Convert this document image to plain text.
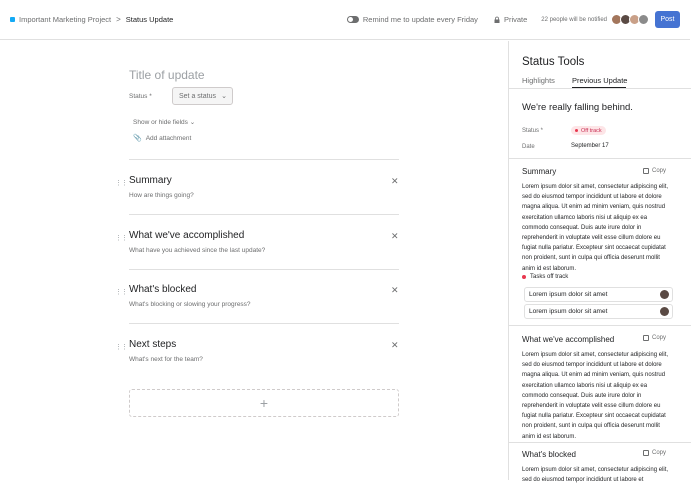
Important Marketing Project > Status Update	Remind me to update every Friday	Private 22 people will be notified	Post
Title of update
Status *	Set a status ⌄
Show or hide fields ⌄
📎 Add attachment
⋮⋮ Summary
How are things going?
✕
⋮⋮ What we've accomplished
What have you achieved since the last update?
✕
⋮⋮ What's blocked
What's blocking or slowing your progress?
✕
⋮⋮ Next steps
What's next for the team?
✕
+
Status Tools
Highlights Previous Update
We're really falling behind.
Status *	Off track
Date	September 17
Summary	Copy
Lorem ipsum dolor sit amet, consectetur adipiscing elit, sed do eiusmod tempor incididunt ut labore et dolore magna aliqua. Ut enim ad minim veniam, quis nostrud exercitation ullamco laboris nisi ut aliquip ex ea commodo consequat. Duis aute irure dolor in reprehenderit in voluptate velit esse cillum dolore eu fugiat nulla pariatur. Excepteur sint occaecat cupidatat non proident, sunt in culpa qui officia deserunt mollit anim id est laborum.
Tasks off track
Lorem ipsum dolor sit amet
Lorem ipsum dolor sit amet
What we've accomplished	Copy
Lorem ipsum dolor sit amet, consectetur adipiscing elit, sed do eiusmod tempor incididunt ut labore et dolore magna aliqua. Ut enim ad minim veniam, quis nostrud exercitation ullamco laboris nisi ut aliquip ex ea commodo consequat. Duis aute irure dolor in reprehenderit in voluptate velit esse cillum dolore eu fugiat nulla pariatur. Excepteur sint occaecat cupidatat non proident, sunt in culpa qui officia deserunt mollit anim id est laborum.
What's blocked	Copy
Lorem ipsum dolor sit amet, consectetur adipiscing elit, sed do eiusmod tempor incididunt ut labore et
